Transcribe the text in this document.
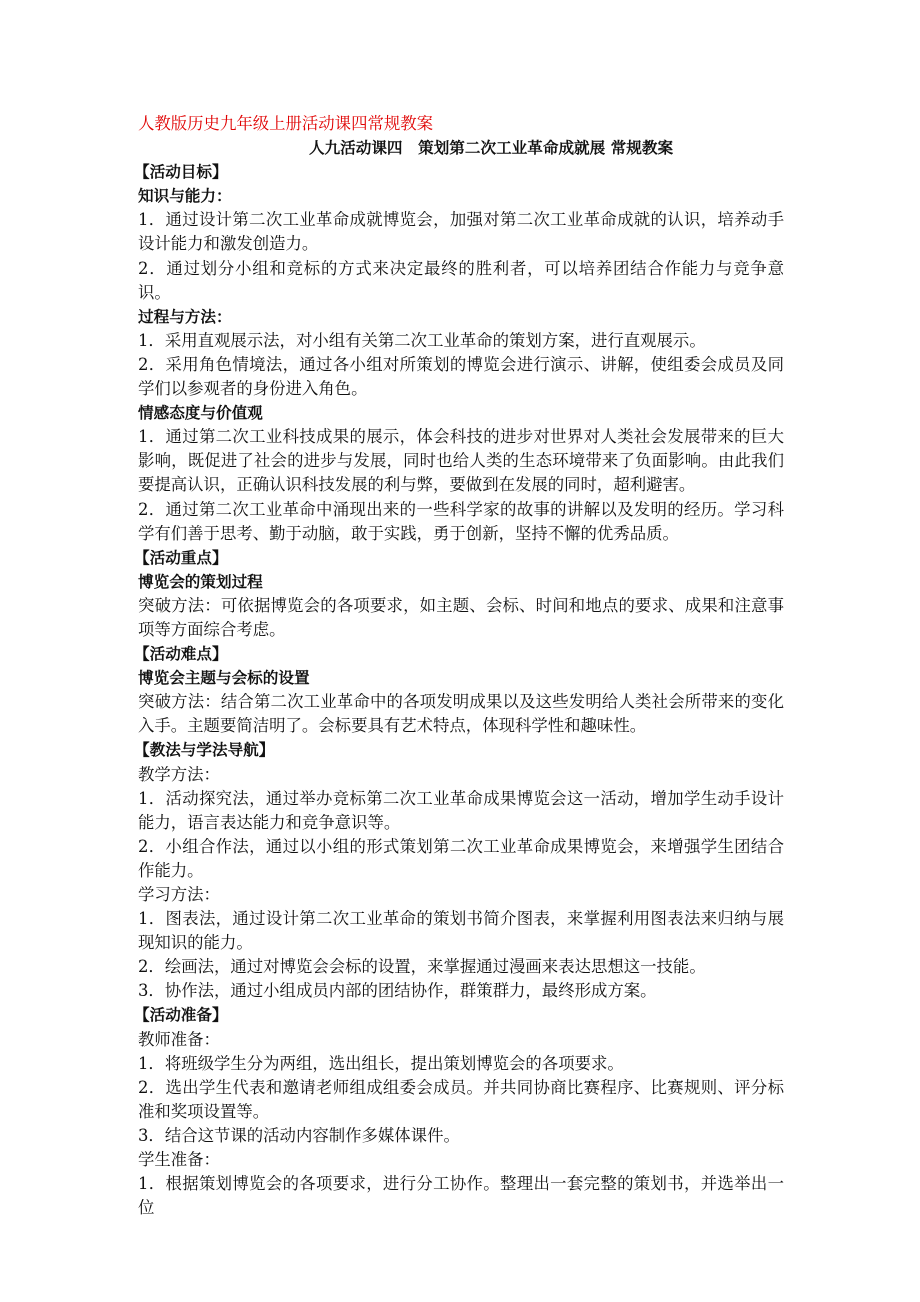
人教版历史九年级上册活动课四常规教案

人九活动课四　策划第二次工业革命成就展 常规教案

【活动目标】

知识与能力：

1．通过设计第二次工业革命成就博览会，加强对第二次工业革命成就的认识，培养动手设计能力和激发创造力。

2．通过划分小组和竞标的方式来决定最终的胜利者，可以培养团结合作能力与竞争意识。

过程与方法：

1．采用直观展示法，对小组有关第二次工业革命的策划方案，进行直观展示。

2．采用角色情境法，通过各小组对所策划的博览会进行演示、讲解，使组委会成员及同学们以参观者的身份进入角色。

情感态度与价值观

1．通过第二次工业科技成果的展示，体会科技的进步对世界对人类社会发展带来的巨大影响，既促进了社会的进步与发展，同时也给人类的生态环境带来了负面影响。由此我们要提高认识，正确认识科技发展的利与弊，要做到在发展的同时，超利避害。

2．通过第二次工业革命中涌现出来的一些科学家的故事的讲解以及发明的经历。学习科学有们善于思考、勤于动脑，敢于实践，勇于创新，坚持不懈的优秀品质。

【活动重点】

博览会的策划过程

突破方法：可依据博览会的各项要求，如主题、会标、时间和地点的要求、成果和注意事项等方面综合考虑。

【活动难点】

博览会主题与会标的设置

突破方法：结合第二次工业革命中的各项发明成果以及这些发明给人类社会所带来的变化入手。主题要简洁明了。会标要具有艺术特点，体现科学性和趣味性。

【教法与学法导航】

教学方法：

1．活动探究法，通过举办竞标第二次工业革命成果博览会这一活动，增加学生动手设计能力，语言表达能力和竞争意识等。

2．小组合作法，通过以小组的形式策划第二次工业革命成果博览会，来增强学生团结合作能力。

学习方法：

1．图表法，通过设计第二次工业革命的策划书简介图表，来掌握利用图表法来归纳与展现知识的能力。

2．绘画法，通过对博览会会标的设置，来掌握通过漫画来表达思想这一技能。

3．协作法，通过小组成员内部的团结协作，群策群力，最终形成方案。

【活动准备】

教师准备：

1．将班级学生分为两组，选出组长，提出策划博览会的各项要求。

2．选出学生代表和邀请老师组成组委会成员。并共同协商比赛程序、比赛规则、评分标准和奖项设置等。

3．结合这节课的活动内容制作多媒体课件。

学生准备：

1．根据策划博览会的各项要求，进行分工协作。整理出一套完整的策划书，并选举出一位
